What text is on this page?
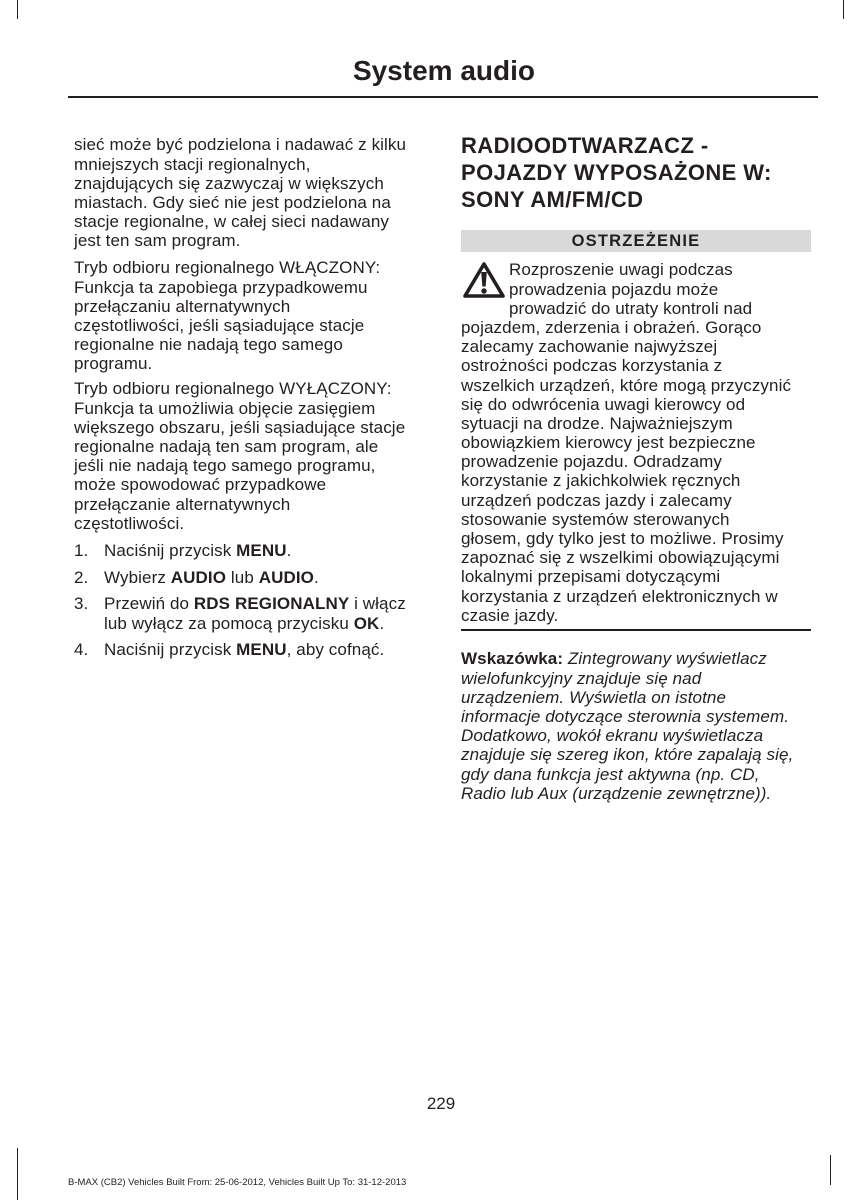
System audio
sieć może być podzielona i nadawać z kilku
mniejszych stacji regionalnych,
znajdujących się zazwyczaj w większych
miastach. Gdy sieć nie jest podzielona na
stacje regionalne, w całej sieci nadawany
jest ten sam program.
Tryb odbioru regionalnego WŁĄCZONY:
Funkcja ta zapobiega przypadkowemu
przełączaniu alternatywnych
częstotliwości, jeśli sąsiadujące stacje
regionalne nie nadają tego samego
programu.
Tryb odbioru regionalnego WYŁĄCZONY:
Funkcja ta umożliwia objęcie zasięgiem
większego obszaru, jeśli sąsiadujące stacje
regionalne nadają ten sam program, ale
jeśli nie nadają tego samego programu,
może spowodować przypadkowe
przełączanie alternatywnych
częstotliwości.
1. Naciśnij przycisk MENU.
2. Wybierz AUDIO lub AUDIO.
3. Przewiń do RDS REGIONALNY i włącz
lub wyłącz za pomocą przycisku OK.
4. Naciśnij przycisk MENU, aby cofnąć.
RADIOODTWARZACZ -
POJAZDY WYPOSAŻONE W:
SONY AM/FM/CD
OSTRZEŻENIE
Rozproszenie uwagi podczas
prowadzenia pojazdu może
prowadzić do utraty kontroli nad
pojazdem, zderzenia i obrażeń. Gorąco
zalecamy zachowanie najwyższej
ostrożności podczas korzystania z
wszelkich urządzeń, które mogą przyczynić
się do odwrócenia uwagi kierowcy od
sytuacji na drodze. Najważniejszym
obowiązkiem kierowcy jest bezpieczne
prowadzenie pojazdu. Odradzamy
korzystanie z jakichkolwiek ręcznych
urządzeń podczas jazdy i zalecamy
stosowanie systemów sterowanych
głosem, gdy tylko jest to możliwe. Prosimy
zapoznać się z wszelkimi obowiązującymi
lokalnymi przepisami dotyczącymi
korzystania z urządzeń elektronicznych w
czasie jazdy.
Wskazówka: Zintegrowany wyświetlacz
wielofunkcyjny znajduje się nad
urządzeniem. Wyświetla on istotne
informacje dotyczące sterownia systemem.
Dodatkowo, wokół ekranu wyświetlacza
znajduje się szereg ikon, które zapalają się,
gdy dana funkcja jest aktywna (np. CD,
Radio lub Aux (urządzenie zewnętrzne)).
229
B-MAX (CB2) Vehicles Built From: 25-06-2012, Vehicles Built Up To: 31-12-2013
